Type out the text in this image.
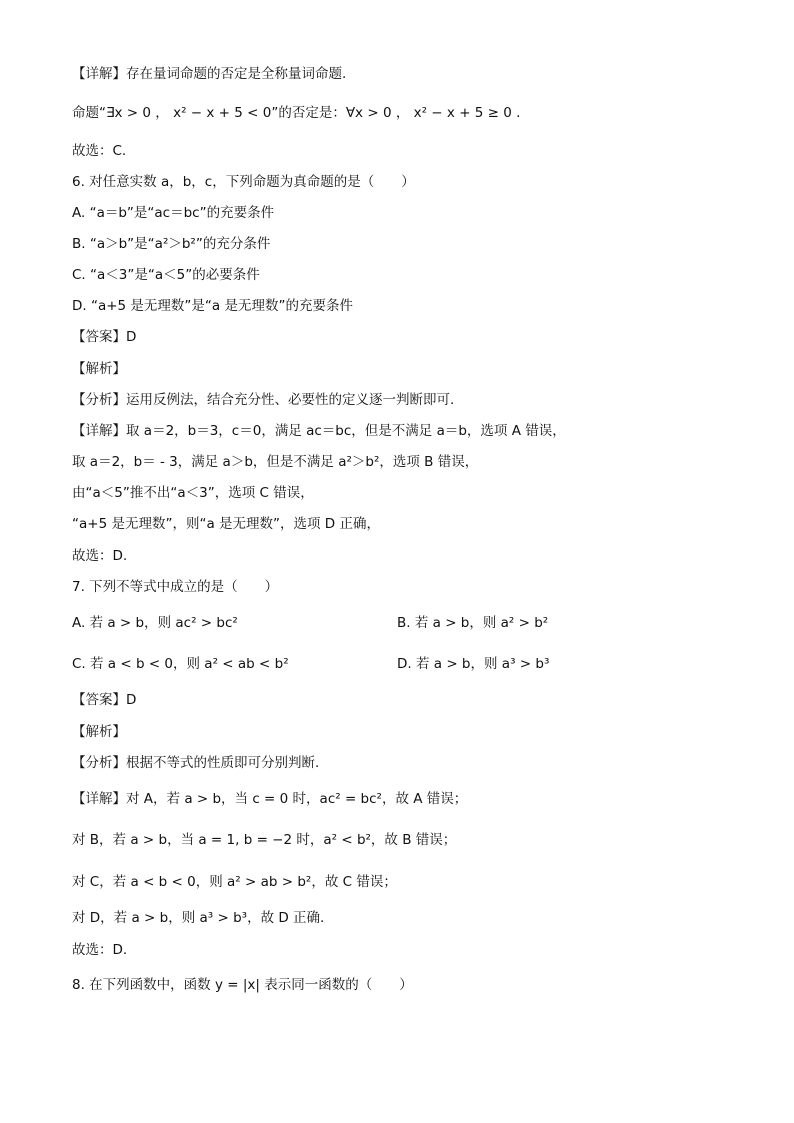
【详解】存在量词命题的否定是全称量词命题.
命题“∃x > 0 ， x² − x + 5 < 0”的否定是：∀x > 0 ， x² − x + 5 ≥ 0 .
故选：C.
6. 对任意实数 a，b，c，下列命题为真命题的是（　　）
A. “a＝b”是“ac＝bc”的充要条件
B. “a＞b”是“a²＞b²”的充分条件
C. “a＜3”是“a＜5”的必要条件
D. “a+5 是无理数”是“a 是无理数”的充要条件
【答案】D
【解析】
【分析】运用反例法，结合充分性、必要性的定义逐一判断即可.
【详解】取 a＝2，b＝3，c＝0，满足 ac＝bc，但是不满足 a＝b，选项 A 错误，
取 a＝2，b＝ - 3，满足 a＞b，但是不满足 a²＞b²，选项 B 错误，
由“a＜5”推不出“a＜3”，选项 C 错误，
“a+5 是无理数”，则“a 是无理数”，选项 D 正确，
故选：D.
7. 下列不等式中成立的是（　　）
A. 若 a > b，则 ac² > bc²	B. 若 a > b，则 a² > b²
C. 若 a < b < 0，则 a² < ab < b²	D. 若 a > b，则 a³ > b³
【答案】D
【解析】
【分析】根据不等式的性质即可分别判断.
【详解】对 A，若 a > b，当 c = 0 时，ac² = bc²，故 A 错误；
对 B，若 a > b，当 a = 1, b = −2 时，a² < b²，故 B 错误；
对 C，若 a < b < 0，则 a² > ab > b²，故 C 错误；
对 D，若 a > b，则 a³ > b³，故 D 正确.
故选：D.
8. 在下列函数中，函数 y = |x| 表示同一函数的（　　）
